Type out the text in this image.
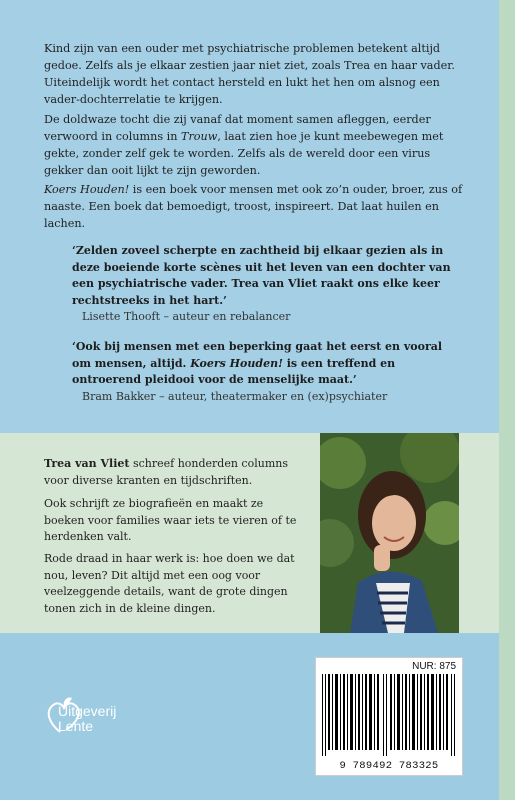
Kind zijn van een ouder met psychiatrische problemen betekent altijd gedoe. Zelfs als je elkaar zestien jaar niet ziet, zoals Trea en haar vader. Uiteindelijk wordt het contact hersteld en lukt het hen om alsnog een vader-dochterrelatie te krijgen.

De doldwaze tocht die zij vanaf dat moment samen afleggen, eerder verwoord in columns in Trouw, laat zien hoe je kunt meebewegen met gekte, zonder zelf gek te worden. Zelfs als de wereld door een virus gekker dan ooit lijkt te zijn geworden.

Koers Houden! is een boek voor mensen met ook zo’n ouder, broer, zus of naaste. Een boek dat bemoedigt, troost, inspireert. Dat laat huilen en lachen.

‘Zelden zoveel scherpte en zachtheid bij elkaar gezien als in deze boeiende korte scènes uit het leven van een dochter van een psychiatrische vader. Trea van Vliet raakt ons elke keer rechtstreeks in het hart.’
Lisette Thooft – auteur en rebalancer
‘Ook bij mensen met een beperking gaat het eerst en vooral om mensen, altijd. Koers Houden! is een treffend en ontroerend pleidooi voor de menselijke maat.’
Bram Bakker – auteur, theatermaker en (ex)psychiater

Trea van Vliet schreef honderden columns voor diverse kranten en tijdschriften.

Ook schrijft ze biografieën en maakt ze boeken voor families waar iets te vieren of te herdenken valt.

Rode draad in haar werk is: hoe doen we dat nou, leven? Dit altijd met een oog voor veelzeggende details, want de grote dingen tonen zich in de kleine dingen.

NUR: 875
9 789492 783325
Uitgeverij
Lente
